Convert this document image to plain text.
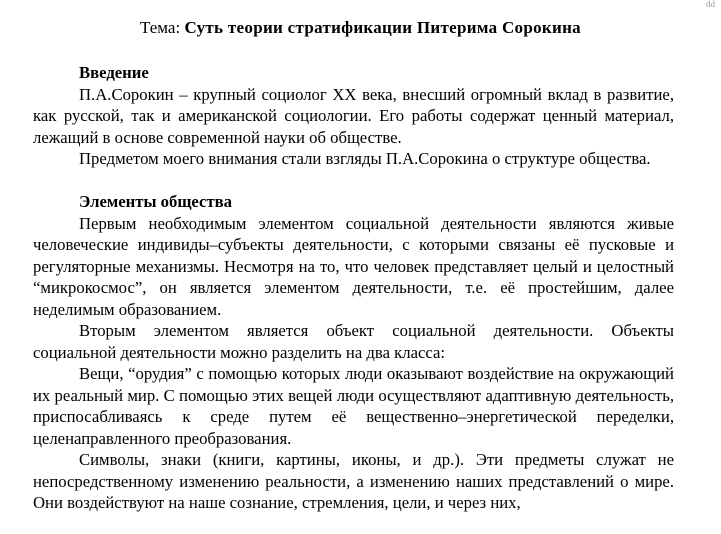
dd
Тема: Суть теории стратификации Питерима Сорокина

Введение

П.А.Сорокин – крупный социолог XX века, внесший огромный вклад в развитие, как русской, так и американской социологии. Его работы содержат ценный материал, лежащий в основе современной науки об обществе.

Предметом моего внимания стали взгляды П.А.Сорокина о структуре общества.

Элементы общества

Первым необходимым элементом социальной деятельности являются живые человеческие индивиды–субъекты деятельности, с которыми связаны её пусковые и регуляторные механизмы. Несмотря на то, что человек представляет целый и целостный “микрокосмос”, он является элементом деятельности, т.е. её простейшим, далее неделимым образованием.

Вторым элементом является объект социальной деятельности. Объекты социальной деятельности можно разделить на два класса:

Вещи, “орудия” с помощью которых люди оказывают воздействие на окружающий их реальный мир. С помощью этих вещей люди осуществляют адаптивную деятельность, приспосабливаясь к среде путем её вещественно–энергетической переделки, целенаправленного преобразования.

Символы, знаки (книги, картины, иконы, и др.). Эти предметы служат не непосредственному изменению реальности, а изменению наших представлений о мире. Они воздействуют на наше сознание, стремления, цели, и через них,
